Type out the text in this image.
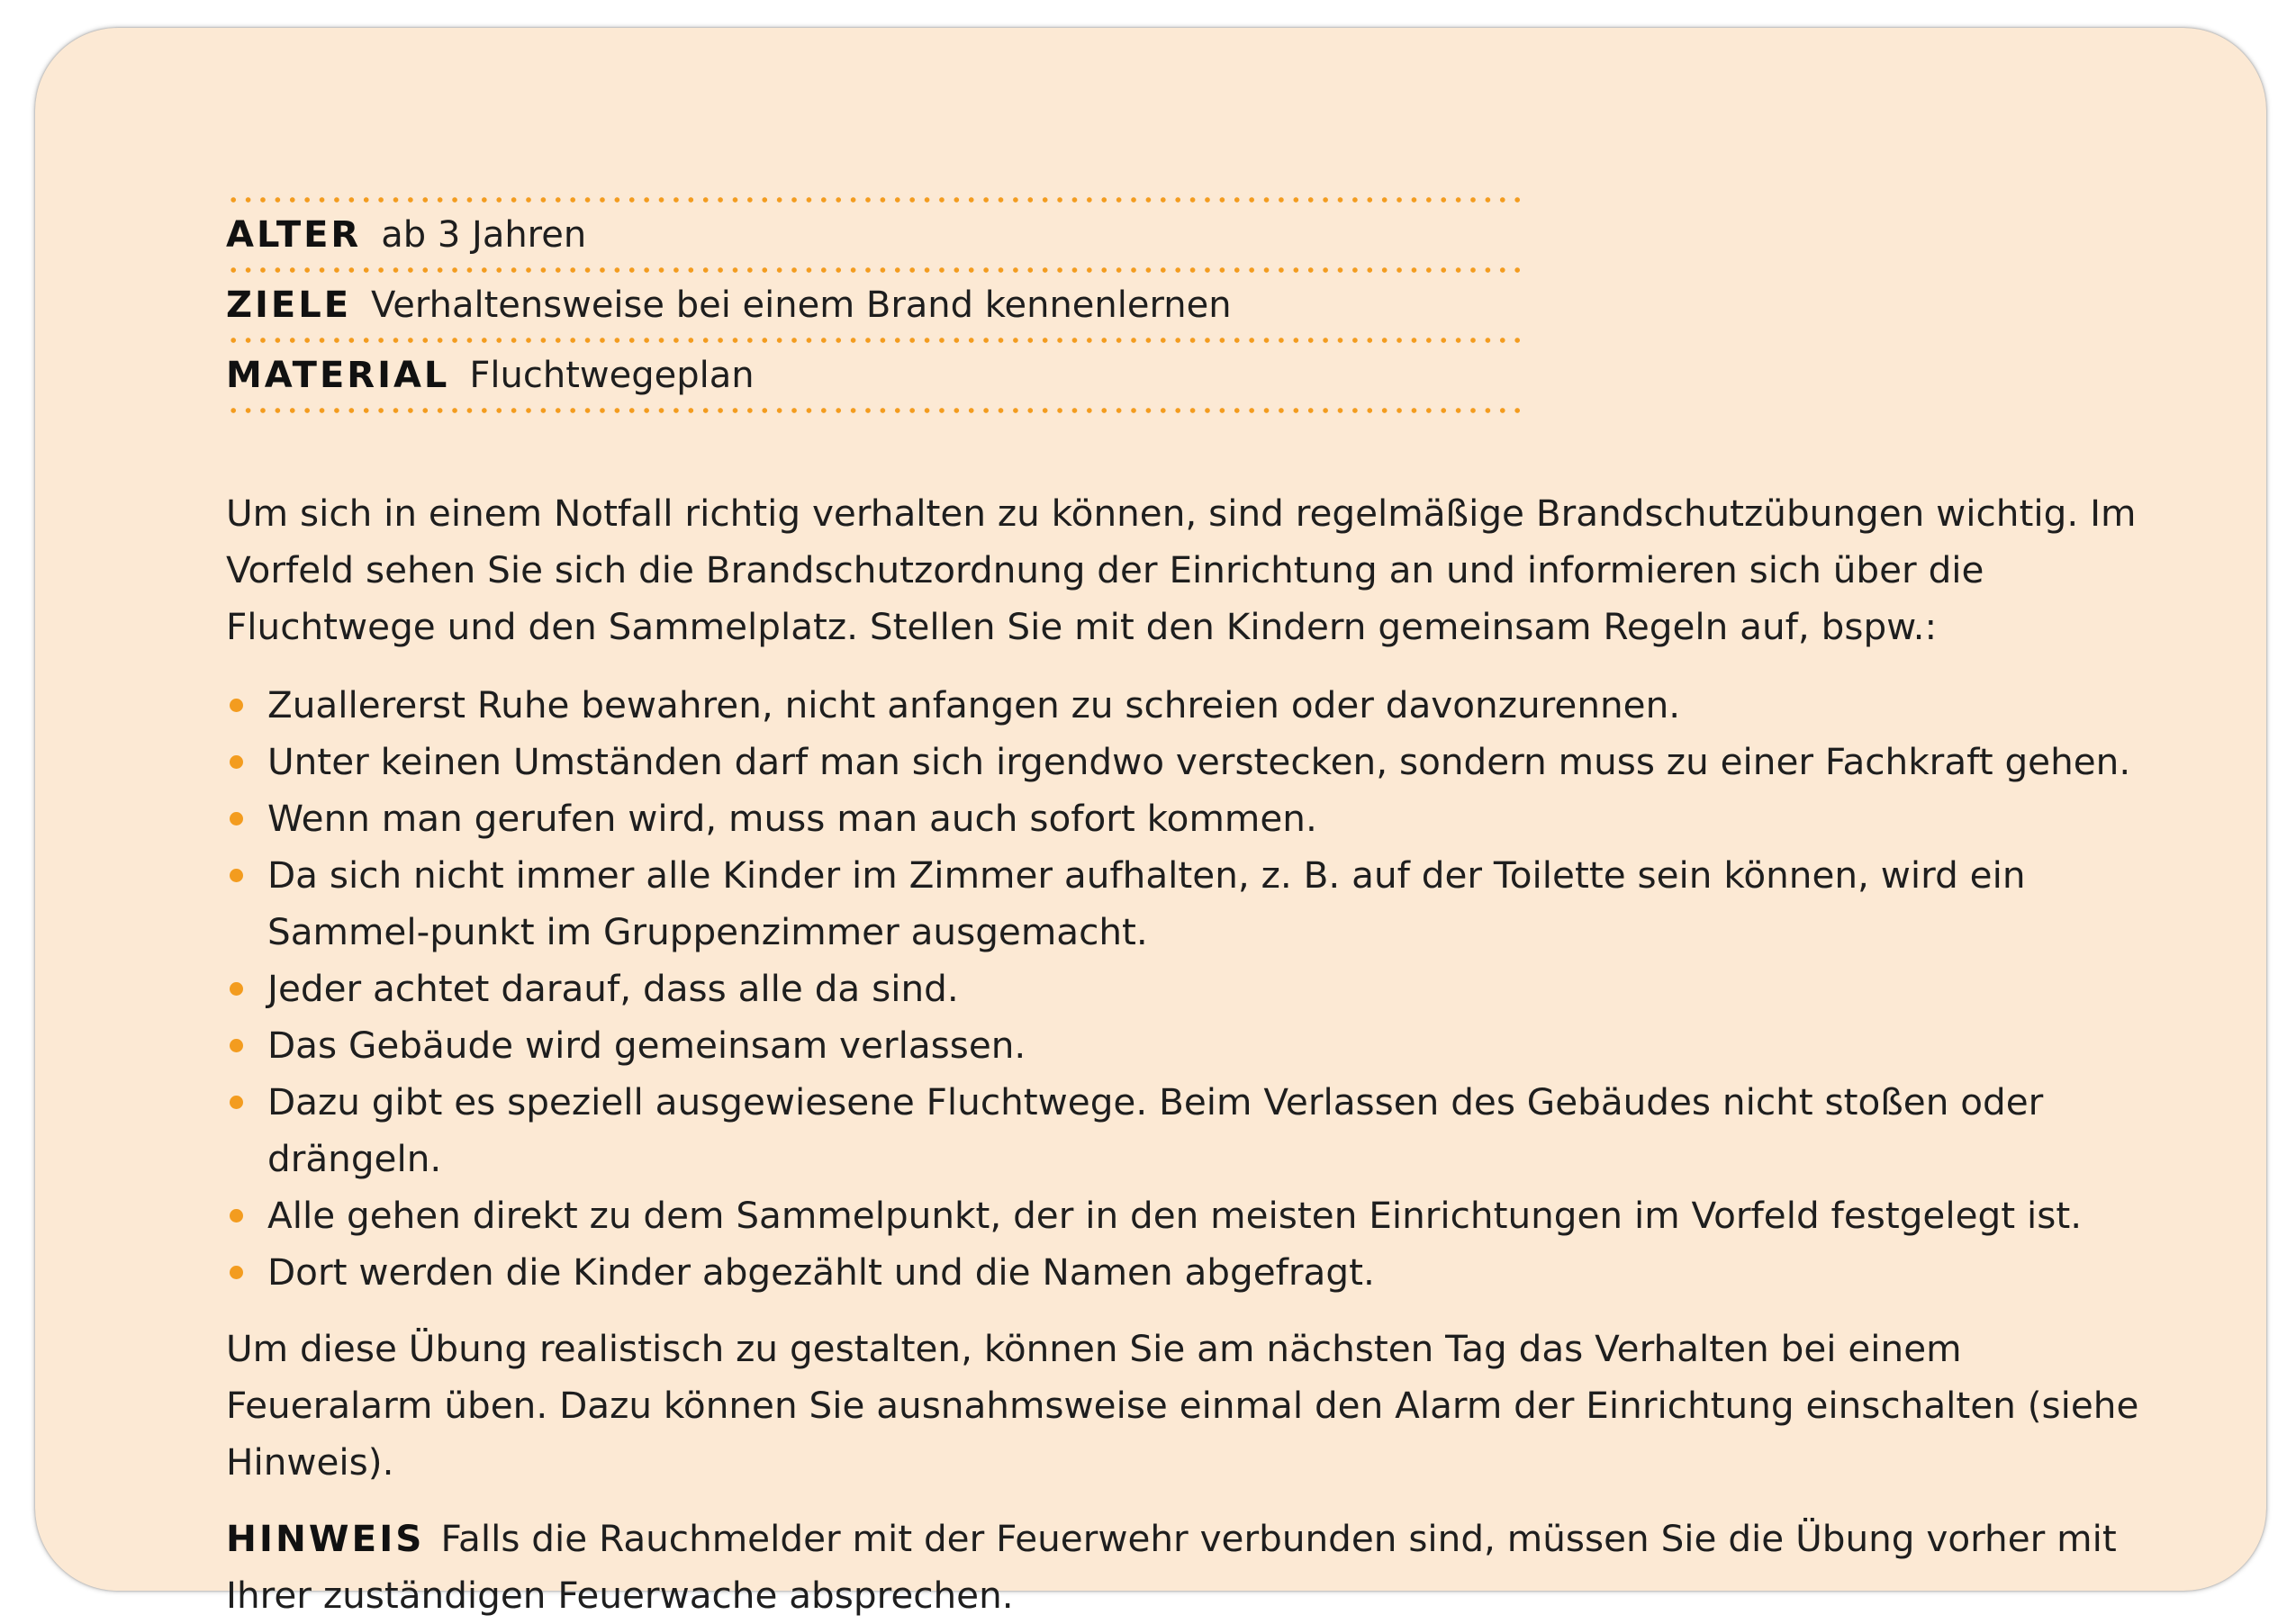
ALTER ab 3 Jahren
ZIELE Verhaltensweise bei einem Brand kennenlernen
MATERIAL Fluchtwegeplan

Um sich in einem Notfall richtig verhalten zu können, sind regelmäßige Brandschutzübungen wichtig. Im Vorfeld sehen Sie sich die Brandschutzordnung der Einrichtung an und informieren sich über die Fluchtwege und den Sammelplatz. Stellen Sie mit den Kindern gemeinsam Regeln auf, bspw.:

Zuallererst Ruhe bewahren, nicht anfangen zu schreien oder davonzurennen.
Unter keinen Umständen darf man sich irgendwo verstecken, sondern muss zu einer Fachkraft gehen.
Wenn man gerufen wird, muss man auch sofort kommen.
Da sich nicht immer alle Kinder im Zimmer aufhalten, z. B. auf der Toilette sein können, wird ein Sammel-punkt im Gruppenzimmer ausgemacht.
Jeder achtet darauf, dass alle da sind.
Das Gebäude wird gemeinsam verlassen.
Dazu gibt es speziell ausgewiesene Fluchtwege. Beim Verlassen des Gebäudes nicht stoßen oder drängeln.
Alle gehen direkt zu dem Sammelpunkt, der in den meisten Einrichtungen im Vorfeld festgelegt ist.
Dort werden die Kinder abgezählt und die Namen abgefragt.

Um diese Übung realistisch zu gestalten, können Sie am nächsten Tag das Verhalten bei einem Feueralarm üben. Dazu können Sie ausnahmsweise einmal den Alarm der Einrichtung einschalten (siehe Hinweis).

HINWEIS Falls die Rauchmelder mit der Feuerwehr verbunden sind, müssen Sie die Übung vorher mit Ihrer zuständigen Feuerwache absprechen.
